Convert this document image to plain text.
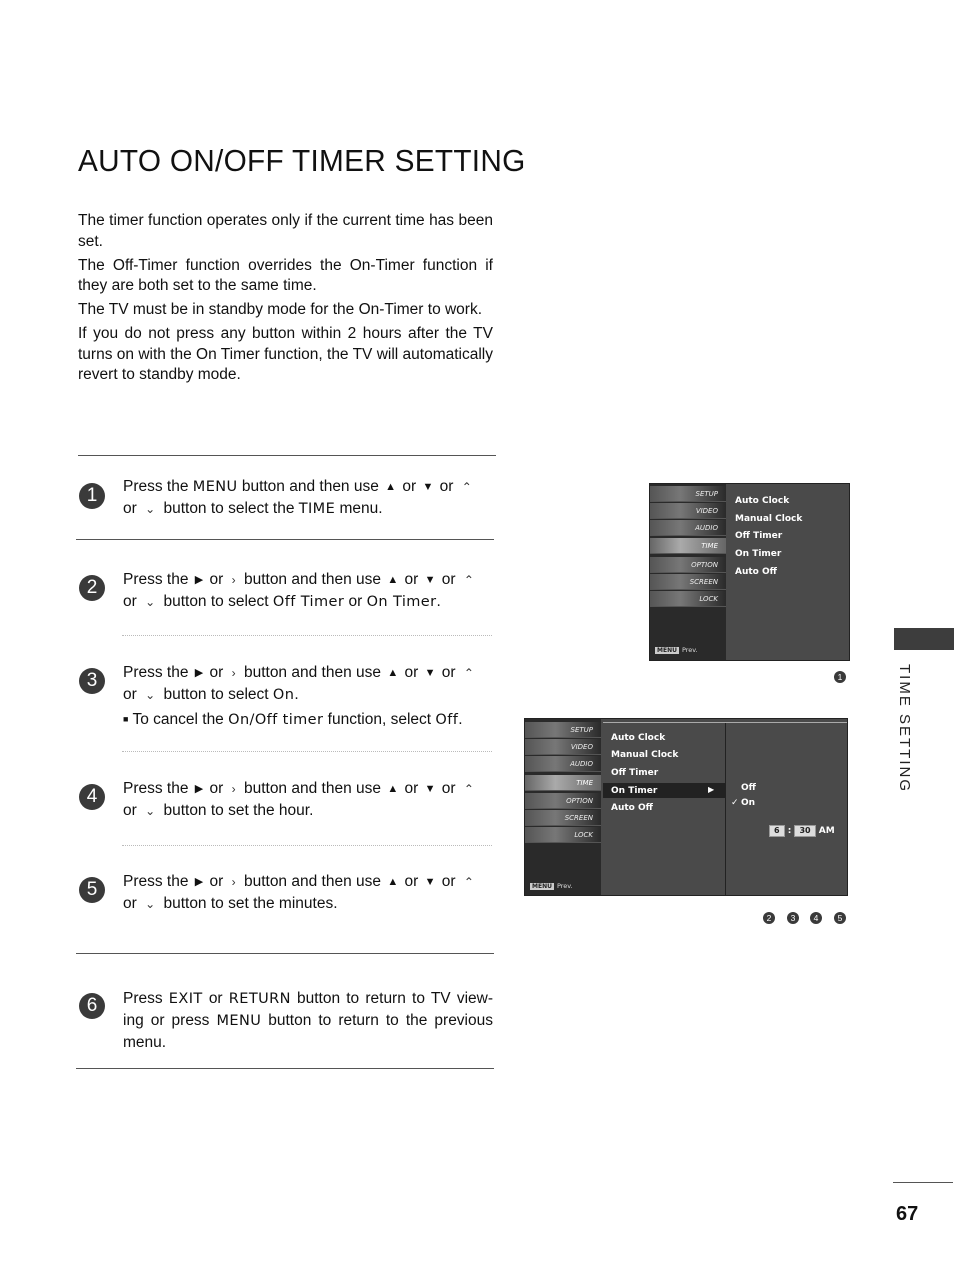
AUTO ON/OFF TIMER SETTING

The timer function operates only if the current time has been set.

The Off-Timer function overrides the On-Timer function if they are both set to the same time.

The TV must be in standby mode for the On-Timer to work.

If you do not press any button within 2 hours after the TV turns on with the On Timer function, the TV will automatically revert to standby mode.

1	Press the MENU button and then use ▲ or ▼ or ⌃
or ⌄ button to select the TIME menu.
2	Press the ▶ or › button and then use ▲ or ▼ or ⌃
or ⌄ button to select Off Timer or On Timer.
3	Press the ▶ or › button and then use ▲ or ▼ or ⌃
or ⌄ button to select On.
■ To cancel the On/Off timer function, select Off.
4	Press the ▶ or › button and then use ▲ or ▼ or ⌃
or ⌄ button to set the hour.
5	Press the ▶ or › button and then use ▲ or ▼ or ⌃
or ⌄ button to set the minutes.
6	Press EXIT or RETURN button to return to TV view-ing or press MENU button to return to the previous menu.
SETUP
VIDEO
AUDIO
TIME
OPTION
SCREEN
LOCK
MENU Prev.
Auto Clock
Manual Clock
Off Timer
On Timer
Auto Off
1
SETUP
VIDEO
AUDIO
TIME
OPTION
SCREEN
LOCK
MENU Prev.
Auto Clock
Manual Clock
Off Timer
On Timer	▶
Auto Off
Off
✓ On
6 : 30 AM
2	3	4	5
TIME SETTING
67
